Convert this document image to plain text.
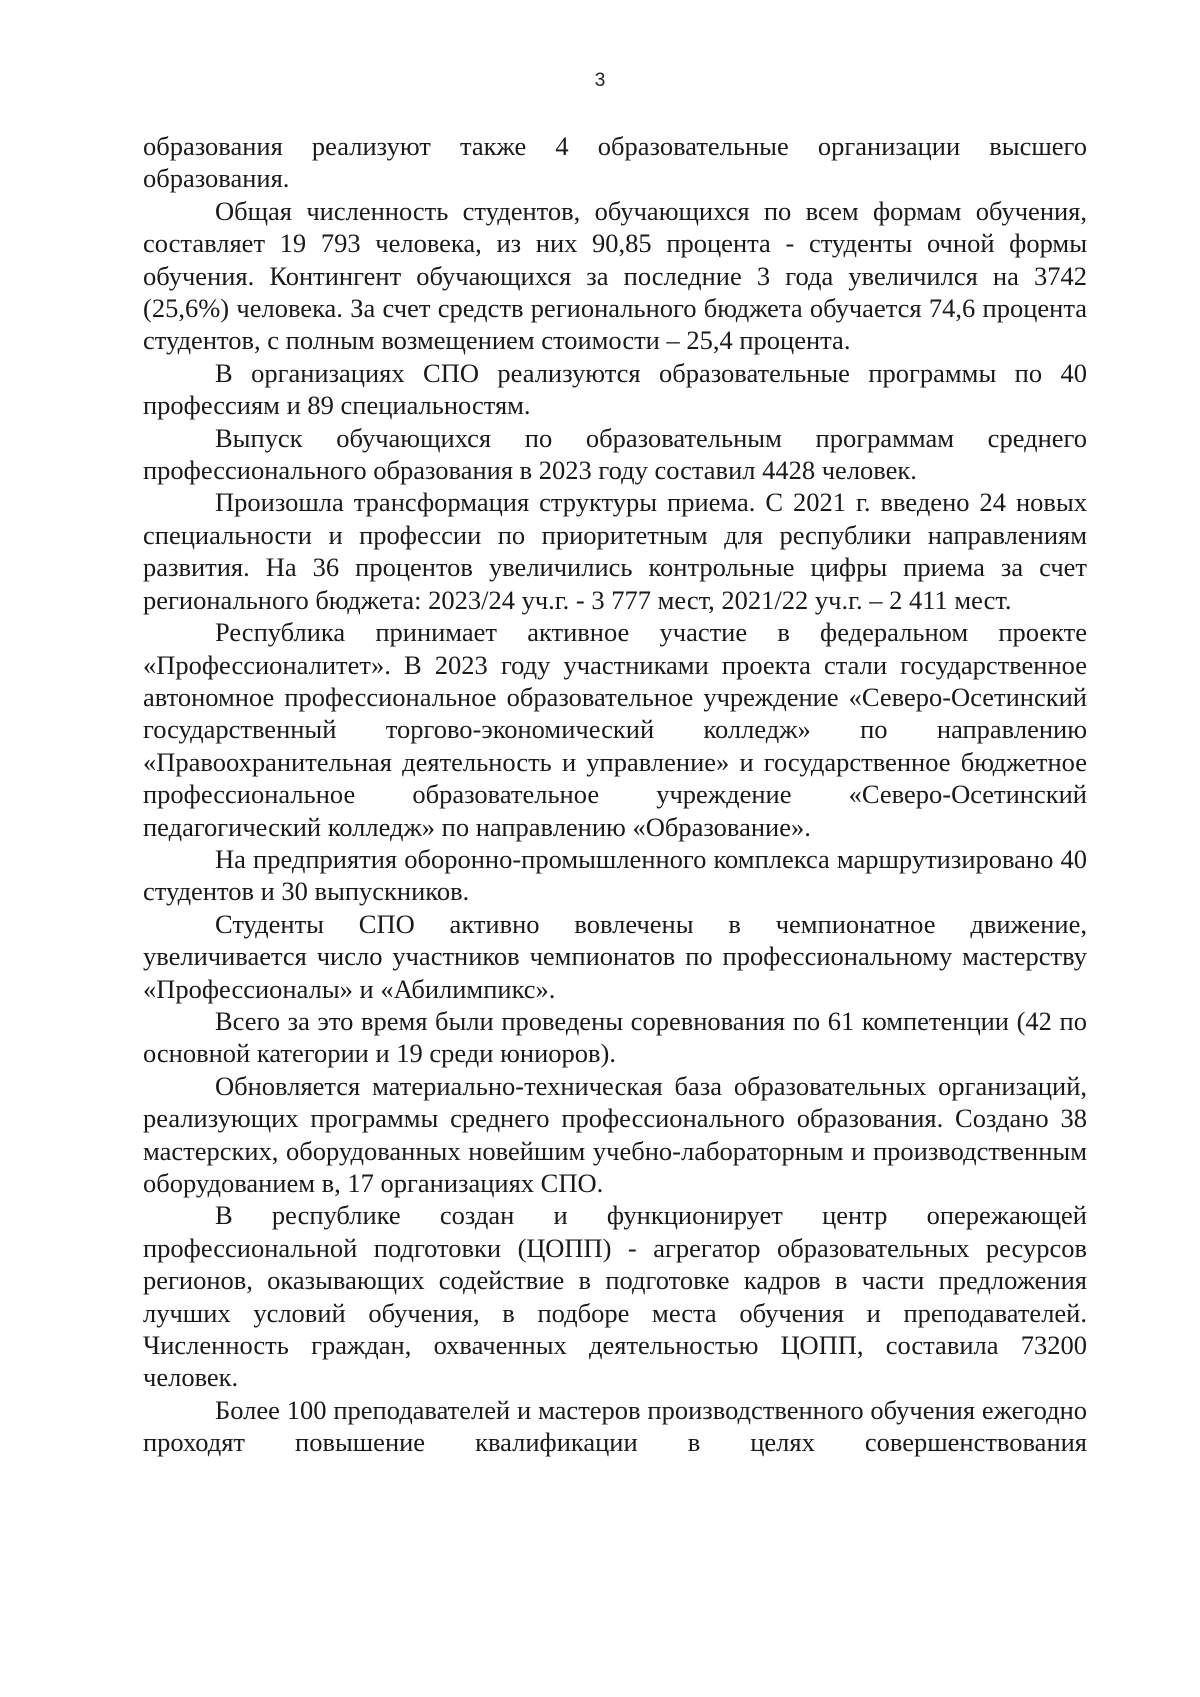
3

образования реализуют также 4 образовательные организации высшего образования.

Общая численность студентов, обучающихся по всем формам обучения, составляет 19 793 человека, из них 90,85 процента - студенты очной формы обучения. Контингент обучающихся за последние 3 года увеличился на 3742 (25,6%) человека. За счет средств регионального бюджета обучается 74,6 процента студентов, с полным возмещением стоимости – 25,4 процента.

В организациях СПО реализуются образовательные программы по 40 профессиям и 89 специальностям.

Выпуск обучающихся по образовательным программам среднего профессионального образования в 2023 году составил 4428 человек.

Произошла трансформация структуры приема. С 2021 г. введено 24 новых специальности и профессии по приоритетным для республики направлениям развития. На 36 процентов увеличились контрольные цифры приема за счет регионального бюджета: 2023/24 уч.г. - 3 777 мест, 2021/22 уч.г. – 2 411 мест.

Республика принимает активное участие в федеральном проекте «Профессионалитет». В 2023 году участниками проекта стали государственное автономное профессиональное образовательное учреждение «Северо-Осетинский государственный торгово-экономический колледж» по направлению «Правоохранительная деятельность и управление» и государственное бюджетное профессиональное образовательное учреждение «Северо-Осетинский педагогический колледж» по направлению «Образование».

На предприятия оборонно-промышленного комплекса маршрутизировано 40 студентов и 30 выпускников.

Студенты СПО активно вовлечены в чемпионатное движение, увеличивается число участников чемпионатов по профессиональному мастерству «Профессионалы» и «Абилимпикс».

Всего за это время были проведены соревнования по 61 компетенции (42 по основной категории и 19 среди юниоров).

Обновляется материально-техническая база образовательных организаций, реализующих программы среднего профессионального образования. Создано 38 мастерских, оборудованных новейшим учебно-лабораторным и производственным оборудованием в, 17 организациях СПО.

В республике создан и функционирует центр опережающей профессиональной подготовки (ЦОПП) - агрегатор образовательных ресурсов регионов, оказывающих содействие в подготовке кадров в части предложения лучших условий обучения, в подборе места обучения и преподавателей. Численность граждан, охваченных деятельностью ЦОПП, составила 73200 человек.

Более 100 преподавателей и мастеров производственного обучения ежегодно проходят повышение квалификации в целях совершенствования
